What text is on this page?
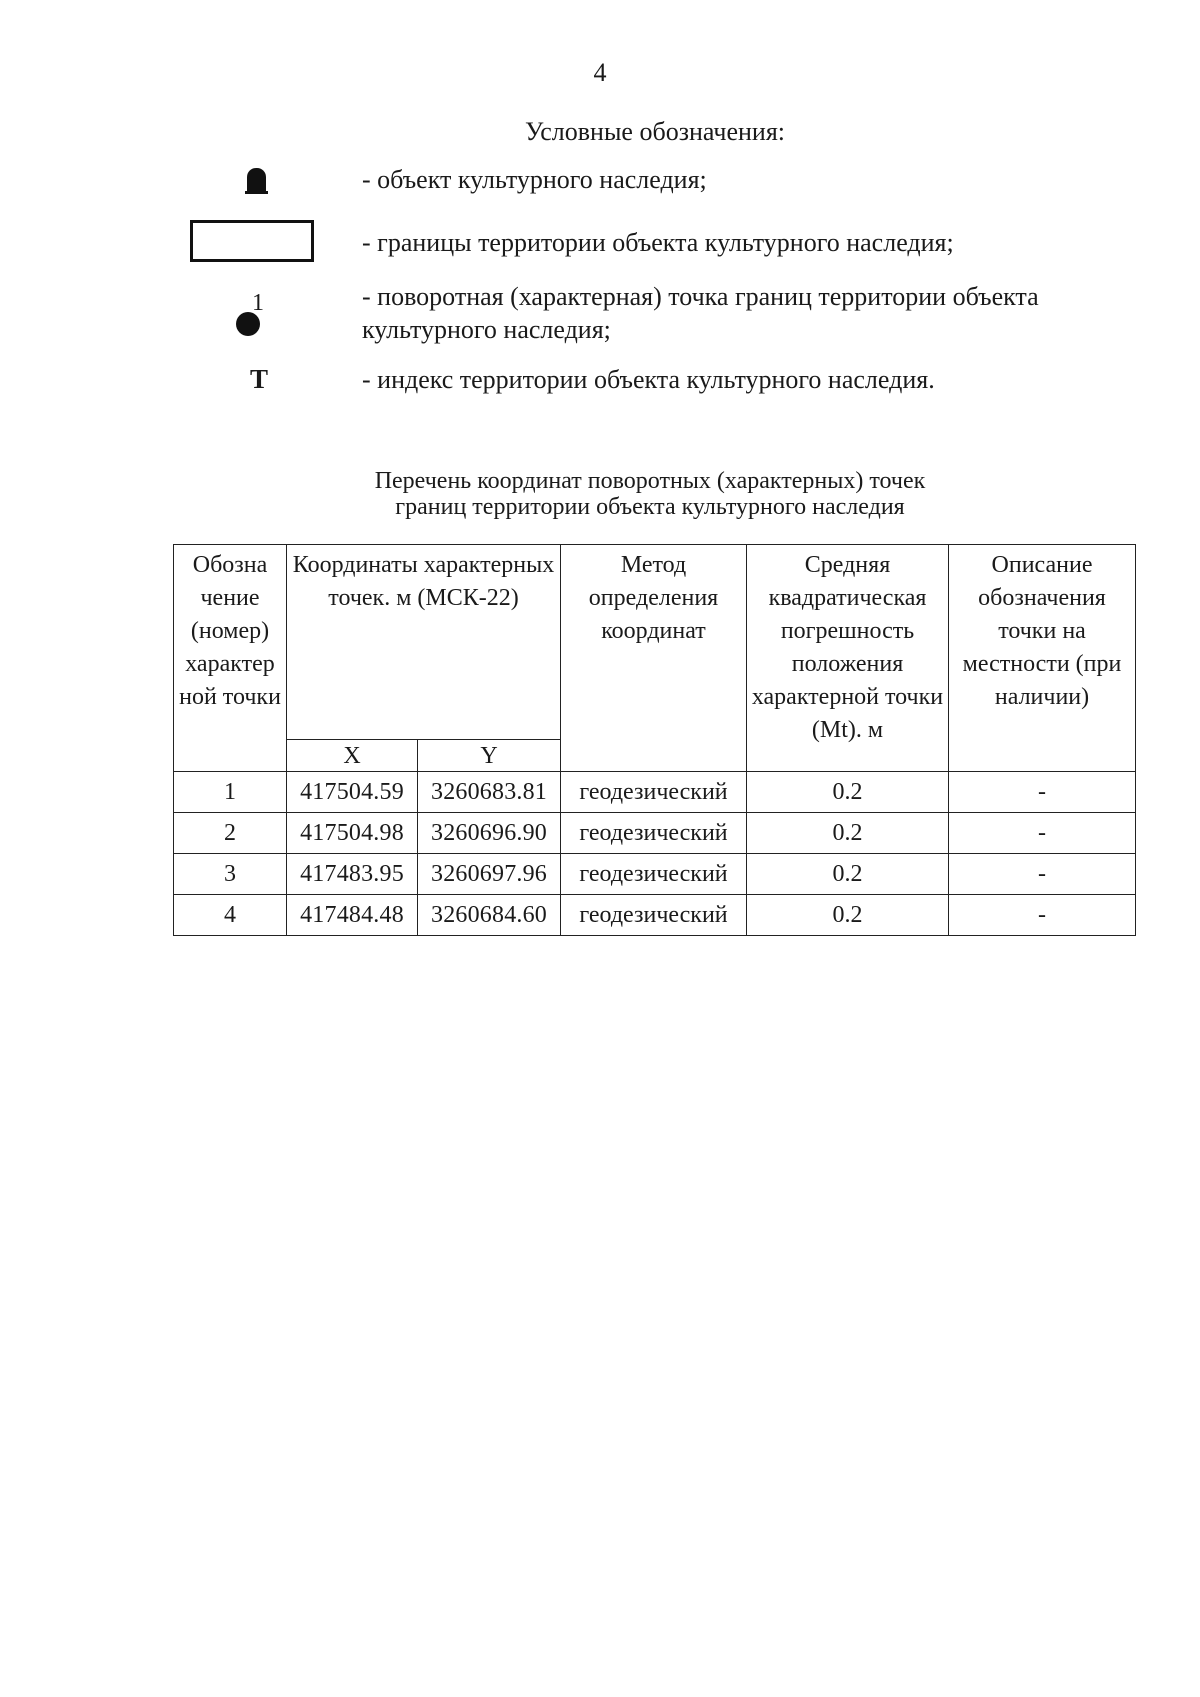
4
Условные обозначения:
- объект культурного наследия;
- границы территории объекта культурного наследия;
1	- поворотная (характерная) точка границ территории объекта культурного наследия;
Т	- индекс территории объекта культурного наследия.
Перечень координат поворотных (характерных) точек
границ территории объекта культурного наследия
Обозна чение (номер) характер ной точки	Координаты характерных точек. м (МСК-22)		Метод определения координат	Средняя квадратическая погрешность положения характерной точки (Mt). м	Описание обозначения точки на местности (при наличии)
	X	Y			
1	417504.59	3260683.81	геодезический	0.2	-
2	417504.98	3260696.90	геодезический	0.2	-
3	417483.95	3260697.96	геодезический	0.2	-
4	417484.48	3260684.60	геодезический	0.2	-
